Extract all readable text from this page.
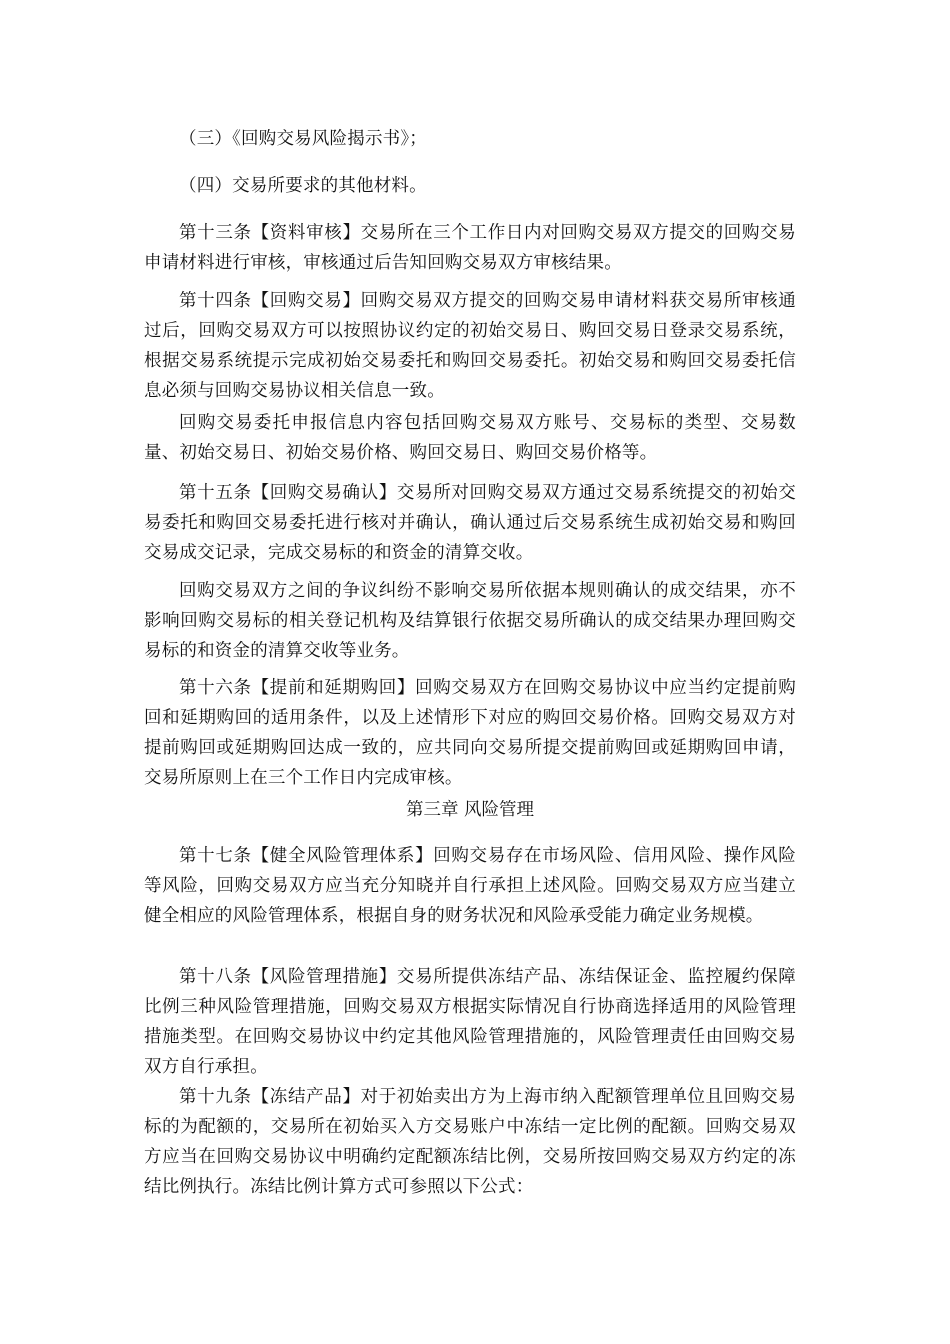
（三）《回购交易风险揭示书》；

（四）交易所要求的其他材料。

第十三条【资料审核】交易所在三个工作日内对回购交易双方提交的回购交易申请材料进行审核，审核通过后告知回购交易双方审核结果。

第十四条【回购交易】回购交易双方提交的回购交易申请材料获交易所审核通过后，回购交易双方可以按照协议约定的初始交易日、购回交易日登录交易系统，根据交易系统提示完成初始交易委托和购回交易委托。初始交易和购回交易委托信息必须与回购交易协议相关信息一致。

回购交易委托申报信息内容包括回购交易双方账号、交易标的类型、交易数量、初始交易日、初始交易价格、购回交易日、购回交易价格等。

第十五条【回购交易确认】交易所对回购交易双方通过交易系统提交的初始交易委托和购回交易委托进行核对并确认，确认通过后交易系统生成初始交易和购回交易成交记录，完成交易标的和资金的清算交收。

回购交易双方之间的争议纠纷不影响交易所依据本规则确认的成交结果，亦不影响回购交易标的相关登记机构及结算银行依据交易所确认的成交结果办理回购交易标的和资金的清算交收等业务。

第十六条【提前和延期购回】回购交易双方在回购交易协议中应当约定提前购回和延期购回的适用条件，以及上述情形下对应的购回交易价格。回购交易双方对提前购回或延期购回达成一致的，应共同向交易所提交提前购回或延期购回申请，交易所原则上在三个工作日内完成审核。

第三章 风险管理

第十七条【健全风险管理体系】回购交易存在市场风险、信用风险、操作风险等风险，回购交易双方应当充分知晓并自行承担上述风险。回购交易双方应当建立健全相应的风险管理体系，根据自身的财务状况和风险承受能力确定业务规模。

第十八条【风险管理措施】交易所提供冻结产品、冻结保证金、监控履约保障比例三种风险管理措施，回购交易双方根据实际情况自行协商选择适用的风险管理措施类型。在回购交易协议中约定其他风险管理措施的，风险管理责任由回购交易双方自行承担。

第十九条【冻结产品】对于初始卖出方为上海市纳入配额管理单位且回购交易标的为配额的，交易所在初始买入方交易账户中冻结一定比例的配额。回购交易双方应当在回购交易协议中明确约定配额冻结比例，交易所按回购交易双方约定的冻结比例执行。冻结比例计算方式可参照以下公式：
